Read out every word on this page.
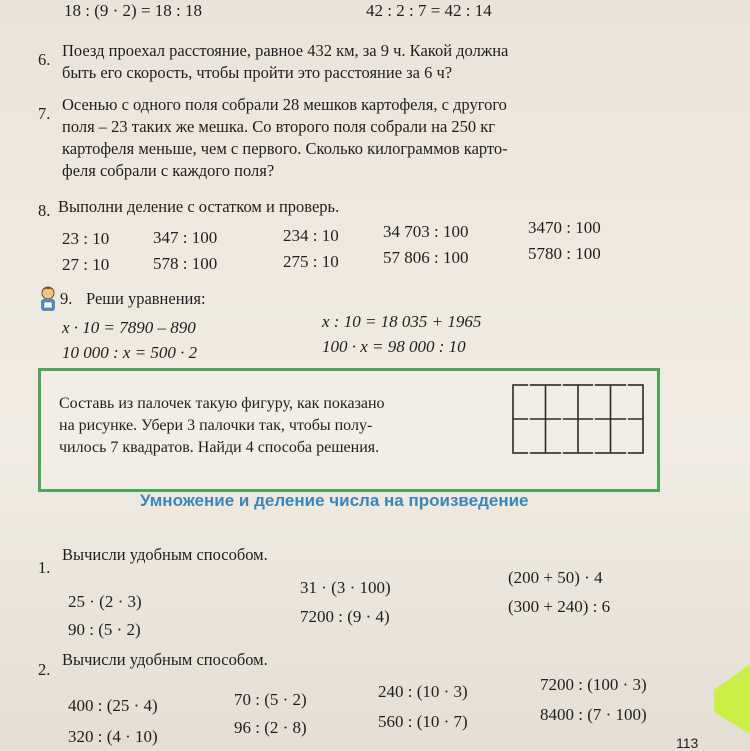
18 : (9 · 2) = 18 : 18	42 : 2 : 7 = 42 : 14
6. Поезд проехал расстояние, равное 432 км, за 9 ч. Какой должна
быть его скорость, чтобы пройти это расстояние за 6 ч?
7. Осенью с одного поля собрали 28 мешков картофеля, с другого
поля – 23 таких же мешка. Со второго поля собрали на 250 кг
картофеля меньше, чем с первого. Сколько килограммов карто-
феля собрали с каждого поля?
8. Выполни деление с остатком и проверь.
23 : 10
27 : 10
347 : 100
578 : 100
234 : 10
275 : 10
34 703 : 100
57 806 : 100
3470 : 100
5780 : 100
9. Реши уравнения:
x · 10 = 7890 – 890
10 000 : x = 500 · 2
x : 10 = 18 035 + 1965
100 · x = 98 000 : 10
Составь из палочек такую фигуру, как показано
на рисунке. Убери 3 палочки так, чтобы полу-
чилось 7 квадратов. Найди 4 способа решения.
Умножение и деление числа на произведение
1.
Вычисли удобным способом.
25 · (2 · 3)
90 : (5 · 2)
31 · (3 · 100)
7200 : (9 · 4)
(200 + 50) · 4
(300 + 240) : 6
2.
Вычисли удобным способом.
400 : (25 · 4)
320 : (4 · 10)
70 : (5 · 2)
96 : (2 · 8)
240 : (10 · 3)
560 : (10 · 7)
7200 : (100 · 3)
8400 : (7 · 100)
113
